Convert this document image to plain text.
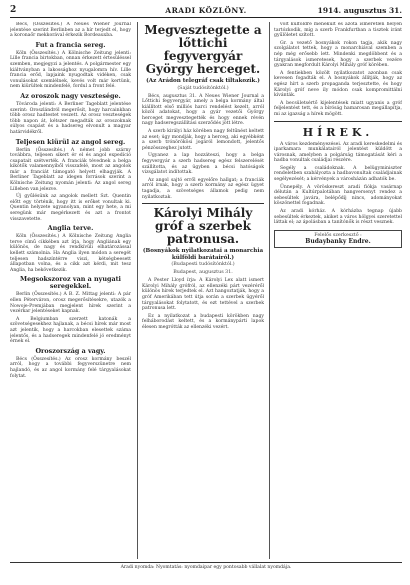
2	ARADI KÖZLÖNY.	1914. augusztus 31.

Bécs, (Összesítés.) A Neues Wiener Journal jelentése szerint Berlinben az a hír terjedt el, hogy a koronaőr mekkorával érkezik Bordeauxba.

Fut a francia sereg.

Köln (Összesítés.) A Kölnische Zeitung jelenti: Lille francia birtokban, onnan érkezett értesüléssel szemben, megjegyzi a jelentés. A polgármester egy kiáltványban a lakossághoz nyugalomra hív. Lille francia erőd, lapjaink nyugodtak vidéken, csak vonulásokat szemlélnek, kevés volt már kertünk, nem kiürültek mindenfelé, fordul a front felé.

Az oroszok nagy vesztesége.

Tövároda jelenti: A Berliner Tageblatt jelentése szerint: Oroszlándról megerősít, hogy harcainkban több orosz hadtestet veszett. Az orosz veszteségek több napon át, kétszer megadták az oroszoknak súlyos csapást és a hadsereg elvonult a magyar határvidékről.

Teljesen kiürül az angol sereg.

Berlin (Összesítés.) A német jobb szárny továbbra, teljesen sikert ér el és angol expedíció csapatait szétverték. A franciák tévednek a belga kikötők valamennyiből visszafelé, most az angolok már a franciát támogató helyett elhagyják. A Berliner Tageblatt az idegen források szerint a Kölnische Zeitung nyomán jelenti: Az angol sereg Lilleben van jelezve.

Új gyűlésünk az angolok mellett Szt. Quentin előtt egy történik, hogy itt is erőket vonultak ki. Quentin helyzete ugyanolyan, mint egy hete, a mi seregünk már megérkezett és azt a frontot visszavetette.

Anglia terve.

Köln (Összesítés.) A Kölnische Zeitung Anglia terve című cikkében azt írja, hogy Angliának egy különös, de nagy és rendkívüli elhatározással kellett számolnia. Ha Anglia ilyen módon a seregét teljesen hadszíntérre viszi, kétségbeesett állapotban volna, és a cikk azt kérdi, mit tesz Anglia, ha bekövetkezik.

Megsokszoroz van a nyugati seregekkel.

Berlin (Összesítés.) A B. Z. Mittag jelenti: A pár ellen Péterváron, orosz megerősítésekre, utazók a Nowoje-Premjában megjelent hírek szerint a vezérkar jelentéseket kapnak.

A Belgiumban szerzett katonák a szövetségesekhez hajlanak, a bécsi hírek már most azt jelentik, hogy a harcokban elesettek száma jelentős, és a hadseregek mindenfelé jó eredményt érnek el.

Oroszország a vagy.

Bécs (Összesítés.) Az orosz kormány beszél arról, hogy a további fegyverszünetre nem hajlandó, és az angol kormány felé tárgyalásokat folytat.

Megvesztegette a lőttichi fegyvergyár György herceget.
(Az Arádon telegráf csak tiltakozik.)
(Saját tudósítónktól.)

Bécs, augusztus 31. A Neues Wiener Journal a Lőttichi fegyvergyár, amely a belga kormány által kiállított első milliós harci rendelést kezelt, arról közöl adatokat, hogy a gyár vezetői György herceget megvesztegették és hogy ennek révén nagy hadseregszállítási szerződés jött létre.

A szerb királyi ház körében nagy feltűnést keltett az eset; úgy mondják, hogy a herceg, aki egyébként a szerb trónörökösi jogáról lemondott, jelentős pénzösszeghez jutott.

Ugyanez a lap hozzáteszi, hogy a belga fegyvergyár a szerb hadsereg egész felszerelését szállította, és az ügyben a bécsi hatóságok vizsgálatot indítottak.

Az angol sajtó erről egyelőre hallgat; a franciák arról írnak, hogy a szerb kormány az egész ügyet tagadja, a szövetséges államok pedig nem nyilatkoztak.

Károlyi Mihály gróf a szerbek patronusa.
(Bosnyákok nyilatkozatai a monarchia külföldi barátairól.)
(Budapesti tudósítónktól.)
Budapest, augusztus 31.

A Pester Lloyd írja: A Károlyi Lex alatt ismert Károlyi Mihály grófról, az ellenzéki párt vezéréről különös hírek terjedtek el. Azt hangoztatják, hogy a gróf Amerikában tett útja során a szerbek ügyéről tárgyalásokat folytatott, és ezt tettével a szerbek patronusa lett.

Ez a nyilatkozat a budapesti körökben nagy felháborodást keltett, és a kormánypárti lapok élesen megrótták az ellenzéki vezért.

volt külföldre menekült és azóta ismeretlen helyen tartózkodik, míg a szerb Frankfurtban a tisztek iránt gyűlöletet szított.

Gr. a vezető bosnyákok rokon tagja, akik nagy szolgálatot tettek, hogy a monarchiával szemben a nép még erősebb lett. Mindenki megdöbbent és a tárgyalások ismeretesek, hogy a szerbek vezére gyakran megfordult Károlyi Mihály gróf körében.

A fentiekben közölt nyilatkozatot azonban csak kevesen fogadták el. A bosnyákok állítják, hogy az egész hírt a szerb propaganda terjesztette, és hogy Károlyi gróf neve ily módon csak kompromittálni kívánták.

A becsületsértő kijelentések miatt ugyanis a gróf feljelentést tett, és a bíróság hamarosan megállapítja, mi az igazság a hírek mögött.

HÍREK.

A város kezdeményezései. Az aradi kereskedelmi és iparkamara munkálatairól jelentést küldött a városnak, amelyben a polgárság támogatását kéri a hadba vonultak családjai részére.

Segély a családoknak. A belügyminiszter rendeletben szabályozta a hadbavonultak családjainak segélyezését; a kérvények a városházán adhatók be.

Ünnepély. A vöröskereszt aradi fiókja vasárnap délután a Kultúrpalotában hangversenyt rendez a sebesültek javára, belépődíj nincs, adományokat köszönettel fogadnak.

Az aradi kórház. A kórházba tegnap újabb sebesültek érkeztek, akiket a város hölgyei szeretettel láttak el; az ápolásban a tanítónők is részt vesznek.

Felelős szerkesztő :
Budaybanky Endre.
Aradi nyomda: Nyomtatás: nyomdaipar egy pontosabb vállalat nyomdája.
